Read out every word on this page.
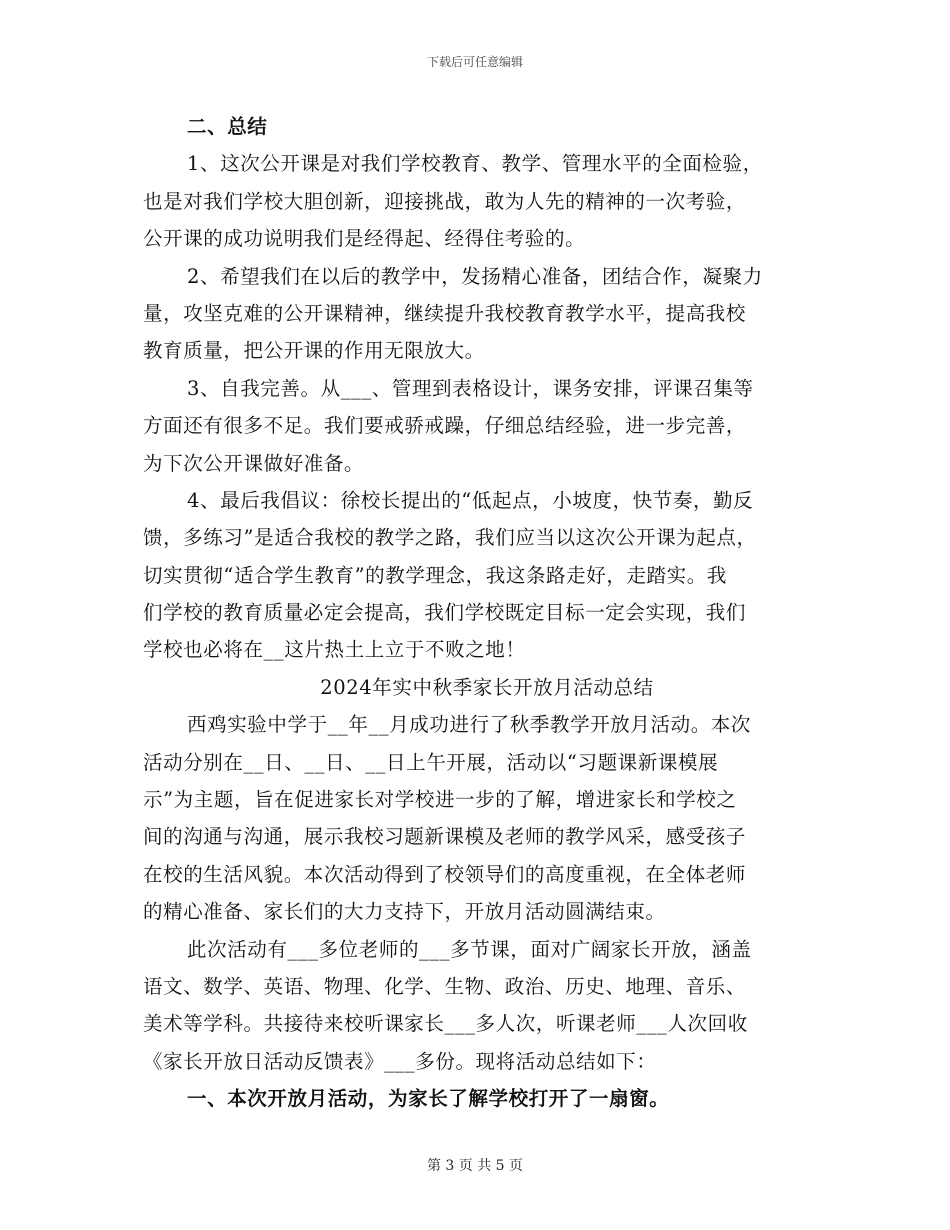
下载后可任意编辑
二、总结
1、这次公开课是对我们学校教育、教学、管理水平的全面检验，
也是对我们学校大胆创新，迎接挑战，敢为人先的精神的一次考验，
公开课的成功说明我们是经得起、经得住考验的。
2、希望我们在以后的教学中，发扬精心准备，团结合作，凝聚力
量，攻坚克难的公开课精神，继续提升我校教育教学水平，提高我校
教育质量，把公开课的作用无限放大。
3、自我完善。从___、管理到表格设计，课务安排，评课召集等
方面还有很多不足。我们要戒骄戒躁，仔细总结经验，进一步完善，
为下次公开课做好准备。
4、最后我倡议：徐校长提出的“低起点，小坡度，快节奏，勤反
馈，多练习”是适合我校的教学之路，我们应当以这次公开课为起点，
切实贯彻“适合学生教育”的教学理念，我这条路走好，走踏实。我
们学校的教育质量必定会提高，我们学校既定目标一定会实现，我们
学校也必将在__这片热土上立于不败之地！
2024年实中秋季家长开放月活动总结
西鸡实验中学于__年__月成功进行了秋季教学开放月活动。本次
活动分别在__日、__日、__日上午开展，活动以“习题课新课模展
示”为主题，旨在促进家长对学校进一步的了解，增进家长和学校之
间的沟通与沟通，展示我校习题新课模及老师的教学风采，感受孩子
在校的生活风貌。本次活动得到了校领导们的高度重视，在全体老师
的精心准备、家长们的大力支持下，开放月活动圆满结束。
此次活动有___多位老师的___多节课，面对广阔家长开放，涵盖
语文、数学、英语、物理、化学、生物、政治、历史、地理、音乐、
美术等学科。共接待来校听课家长___多人次，听课老师___人次回收
《家长开放日活动反馈表》___多份。现将活动总结如下：
一、本次开放月活动，为家长了解学校打开了一扇窗。
第 3 页 共 5 页
